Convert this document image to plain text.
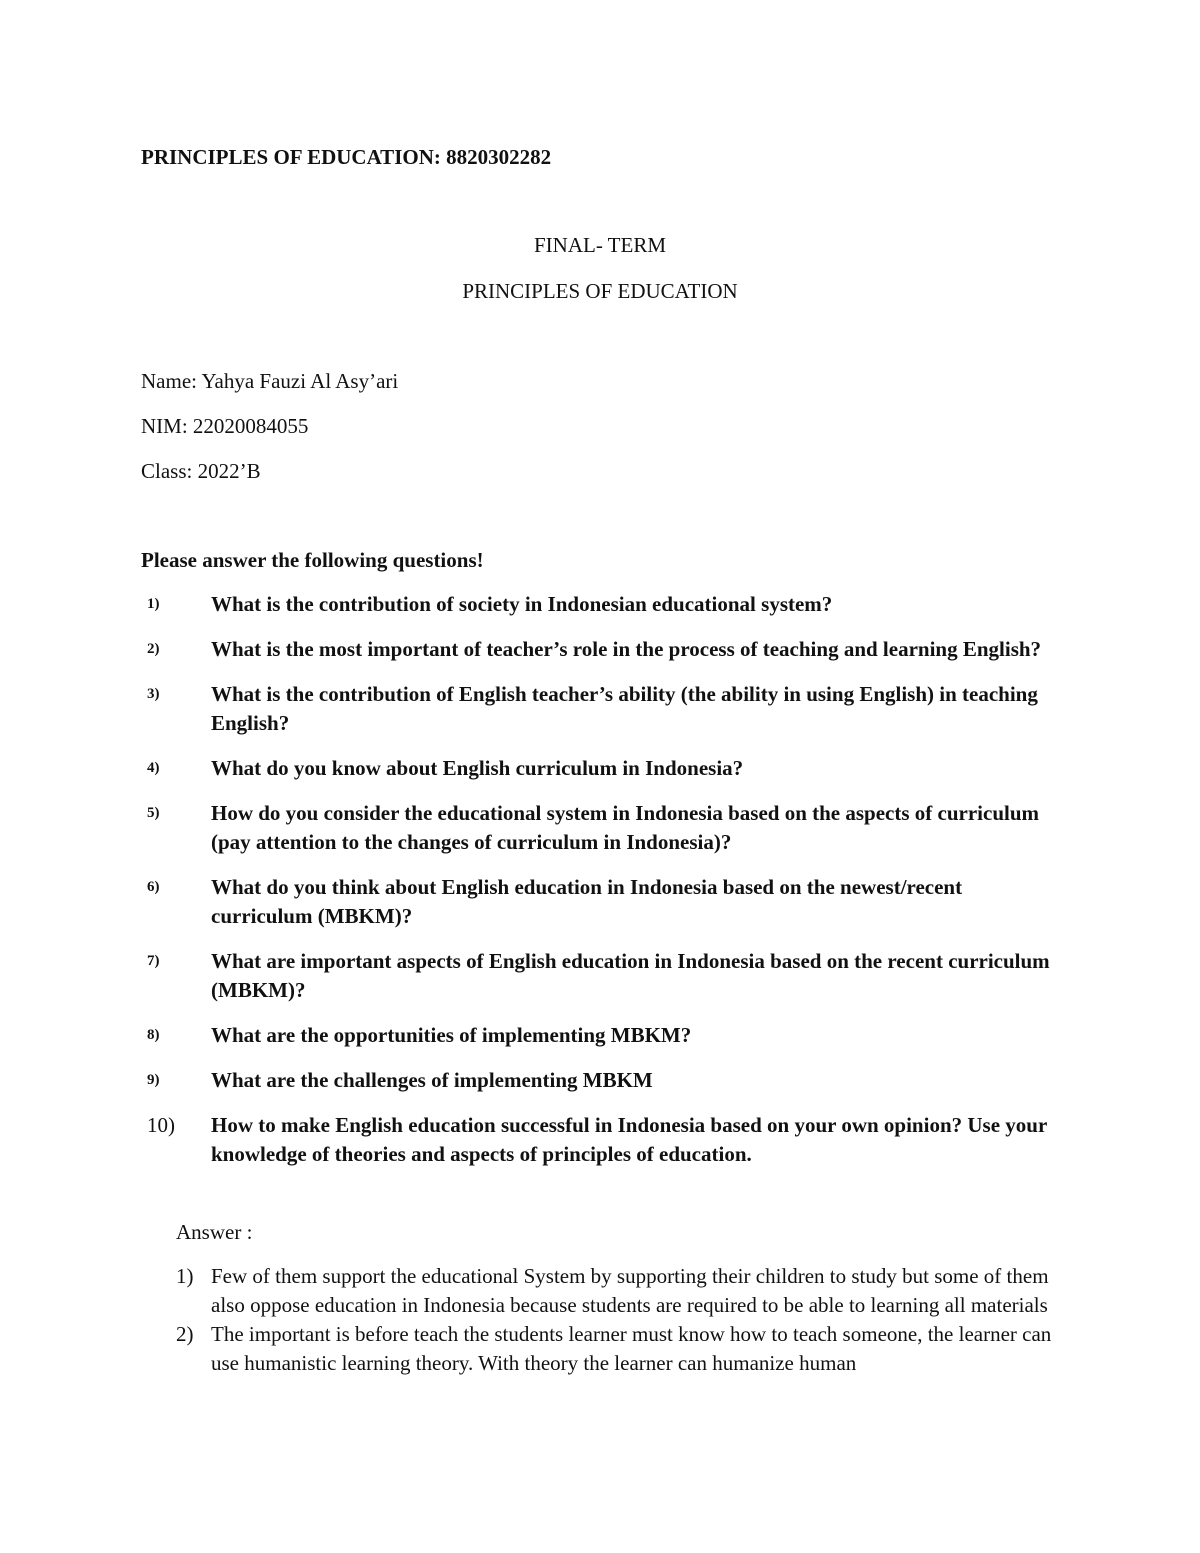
PRINCIPLES OF EDUCATION: 8820302282
FINAL- TERM
PRINCIPLES OF EDUCATION
Name: Yahya Fauzi Al Asy’ari
NIM: 22020084055
Class: 2022’B
Please answer the following questions!
1)	What is the contribution of society in Indonesian educational system?
2)	What is the most important of teacher’s role in the process of teaching and learning English?
3)	What is the contribution of English teacher’s ability (the ability in using English) in teaching English?
4)	What do you know about English curriculum in Indonesia?
5)	How do you consider the educational system in Indonesia based on the aspects of curriculum (pay attention to the changes of curriculum in Indonesia)?
6)	What do you think about English education in Indonesia based on the newest/recent curriculum (MBKM)?
7)	What are important aspects of English education in Indonesia based on the recent curriculum (MBKM)?
8)	What are the opportunities of implementing MBKM?
9)	What are the challenges of implementing MBKM
10)	How to make English education successful in Indonesia based on your own opinion? Use your knowledge of theories and aspects of principles of education.
Answer :
1) Few of them support the educational System by supporting their children to study but some of them also oppose education in Indonesia because students are required to be able to learning all materials
2) The important is before teach the students learner must know how to teach someone, the learner can use humanistic learning theory. With theory the learner can humanize human
